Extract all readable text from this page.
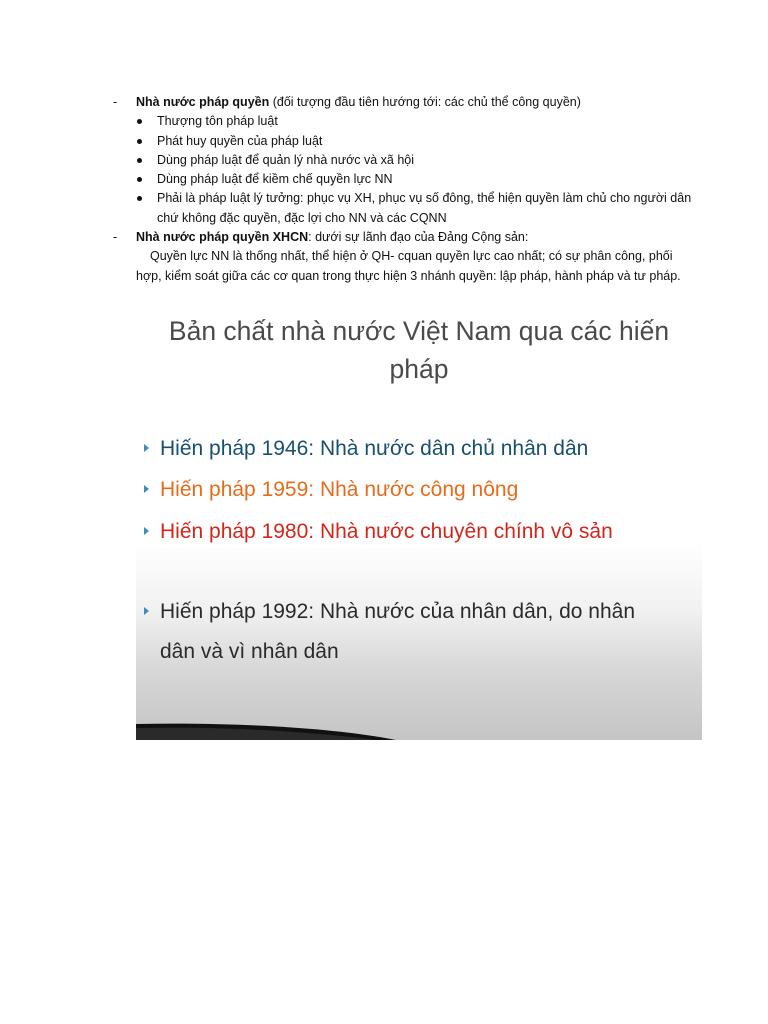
- Nhà nước pháp quyền (đối tượng đầu tiên hướng tới: các chủ thể công quyền)
Thượng tôn pháp luật
Phát huy quyền của pháp luật
Dùng pháp luật để quản lý nhà nước và xã hội
Dùng pháp luật để kiềm chế quyền lực NN
Phải là pháp luật lý tưởng: phục vụ XH, phục vụ số đông, thể hiện quyền làm chủ cho người dân chứ không đặc quyền, đặc lợi cho NN và các CQNN
- Nhà nước pháp quyền XHCN: dưới sự lãnh đạo của Đảng Cộng sản:
Quyền lực NN là thống nhất, thể hiện ở QH- cquan quyền lực cao nhất; có sự phân công, phối hợp, kiểm soát giữa các cơ quan trong thực hiện 3 nhánh quyền: lập pháp, hành pháp và tư pháp.
Bản chất nhà nước Việt Nam qua các hiến pháp
Hiến pháp 1946: Nhà nước dân chủ nhân dân
Hiến pháp 1959: Nhà nước công nông
Hiến pháp 1980: Nhà nước chuyên chính vô sản
Hiến pháp 1992: Nhà nước của nhân dân, do nhân dân và vì nhân dân
